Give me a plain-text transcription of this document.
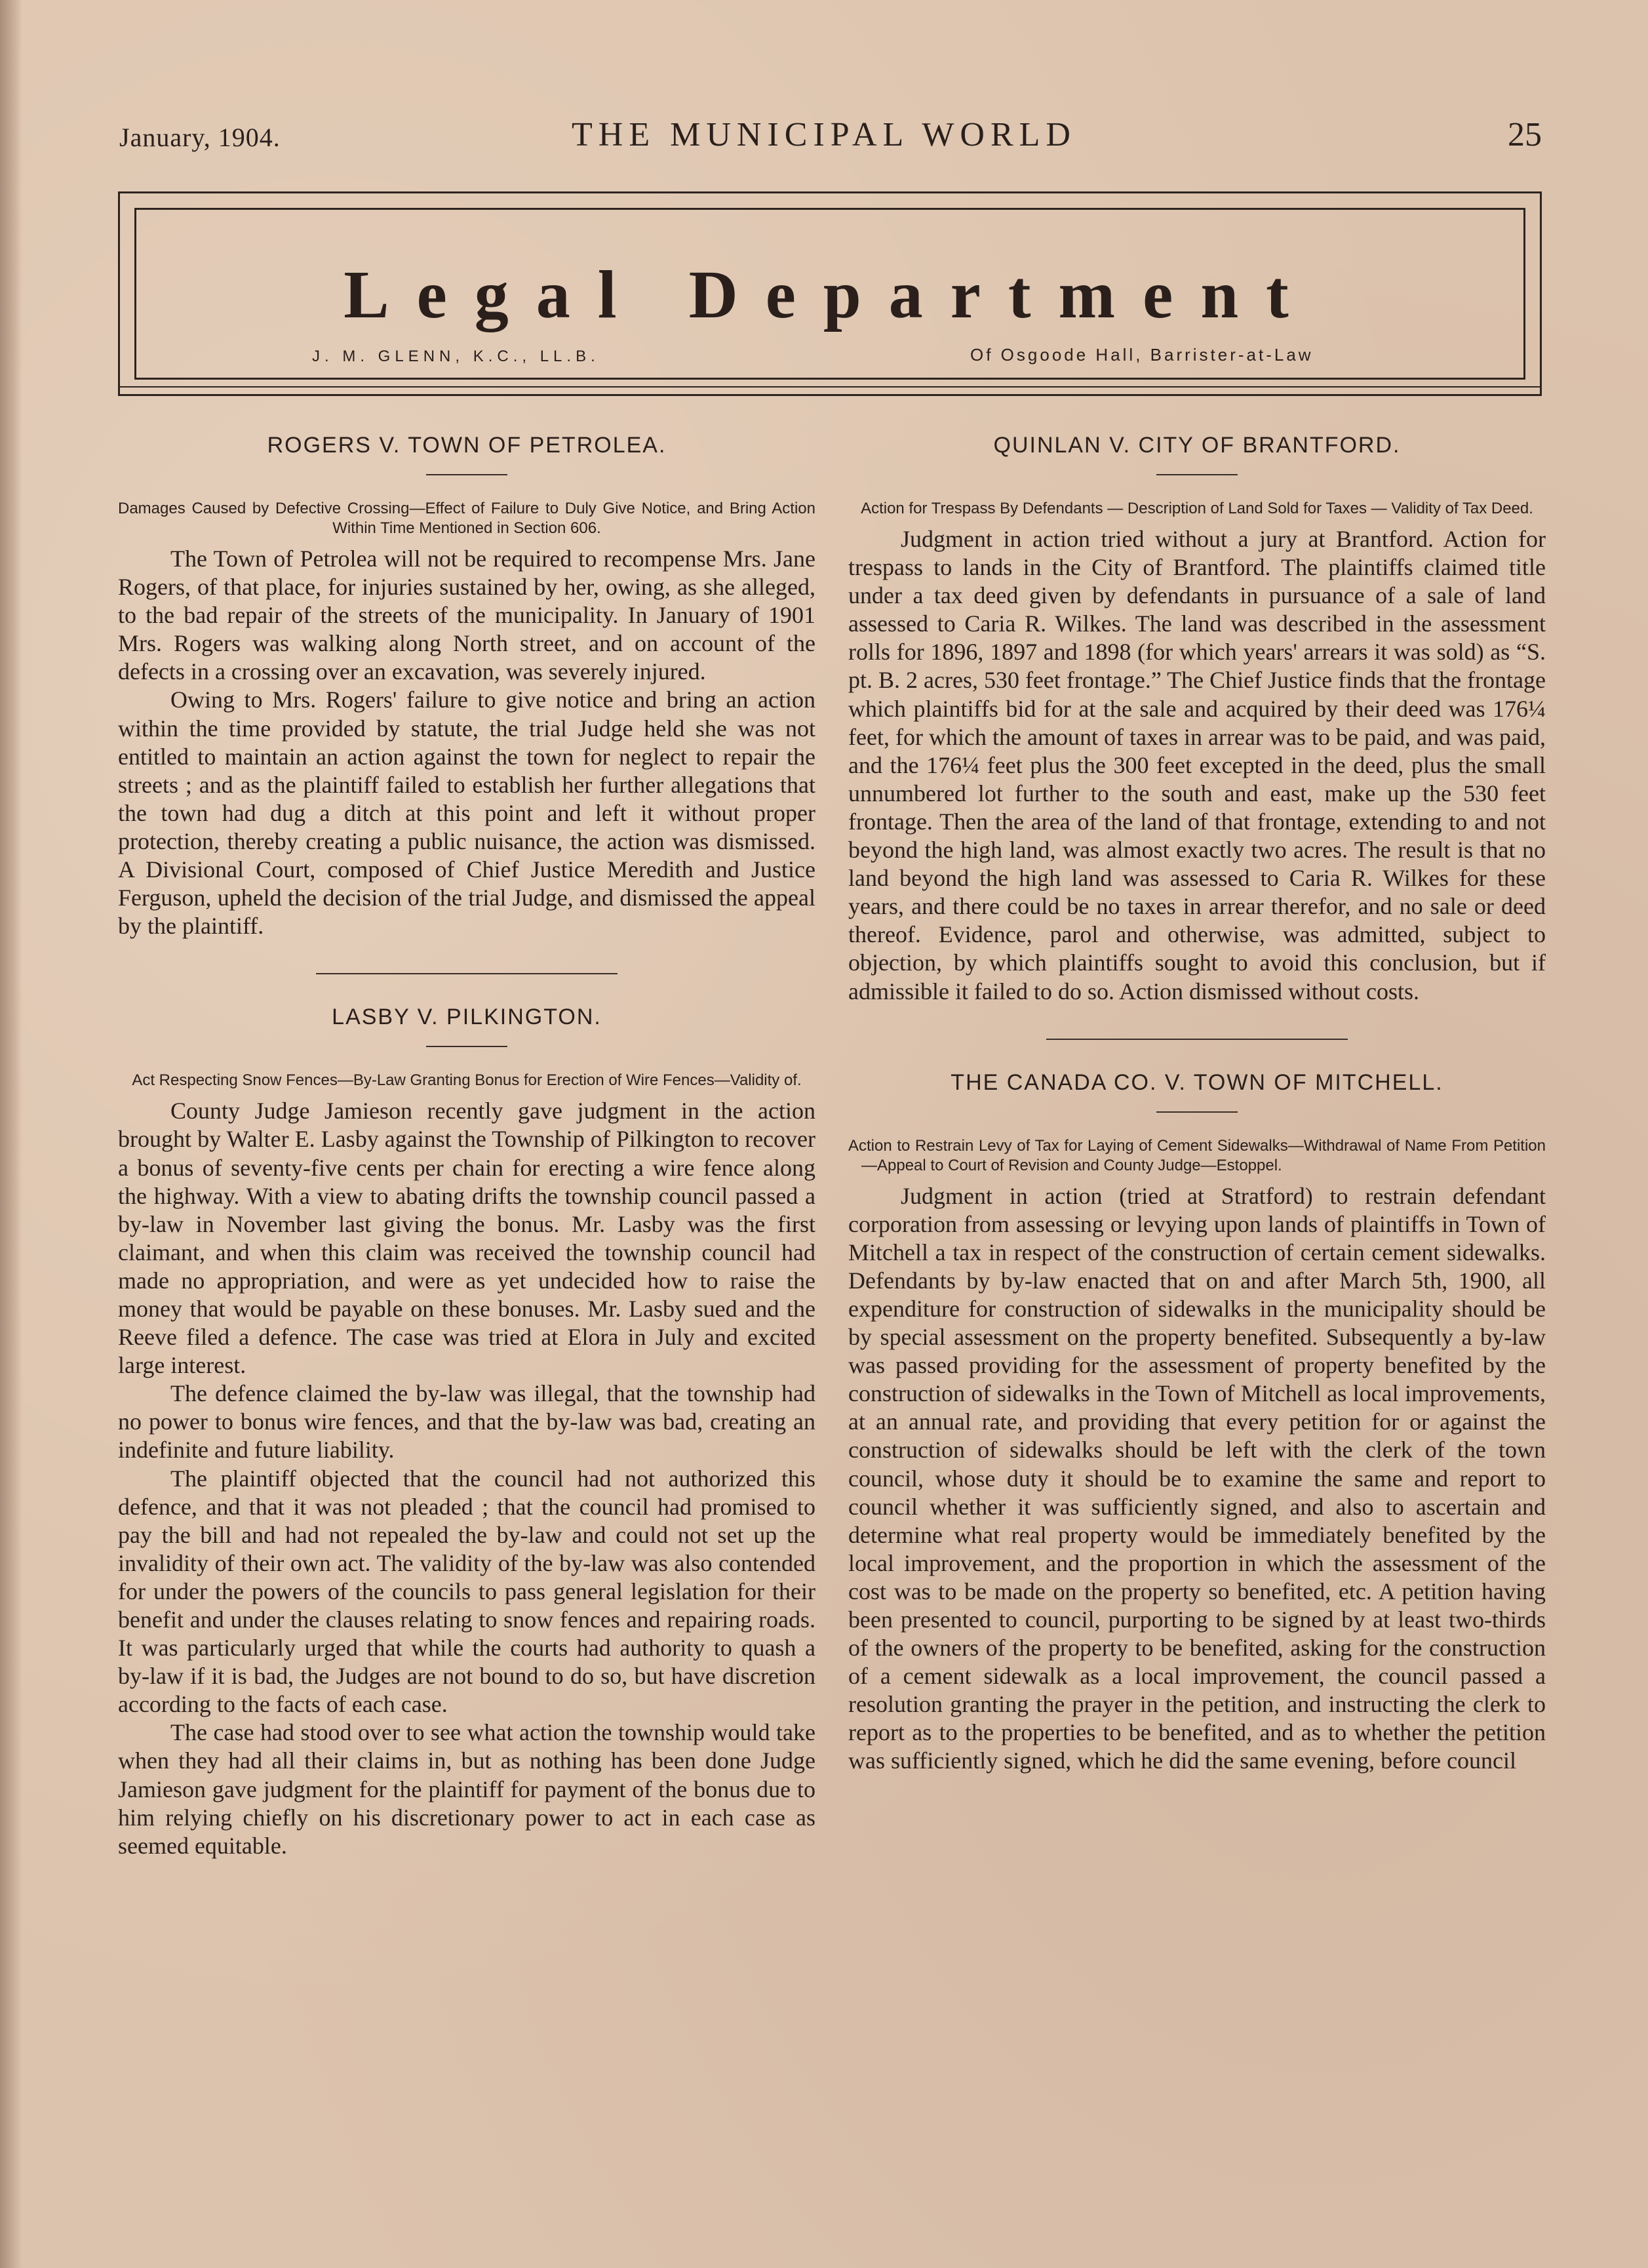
January, 1904.	THE MUNICIPAL WORLD	25
Legal Department
J. M. GLENN, K.C., LL.B.	Of Osgoode Hall, Barrister-at-Law
ROGERS V. TOWN OF PETROLEA.
Damages Caused by Defective Crossing—Effect of Failure to Duly Give Notice, and Bring Action Within Time Mentioned in Section 606.

The Town of Petrolea will not be required to recompense Mrs. Jane Rogers, of that place, for injuries sustained by her, owing, as she alleged, to the bad repair of the streets of the municipality. In January of 1901 Mrs. Rogers was walking along North street, and on account of the defects in a crossing over an excavation, was severely injured.

Owing to Mrs. Rogers' failure to give notice and bring an action within the time provided by statute, the trial Judge held she was not entitled to maintain an action against the town for neglect to repair the streets ; and as the plaintiff failed to establish her further allegations that the town had dug a ditch at this point and left it without proper protection, thereby creating a public nuisance, the action was dismissed. A Divisional Court, composed of Chief Justice Meredith and Justice Ferguson, upheld the decision of the trial Judge, and dismissed the appeal by the plaintiff.

LASBY V. PILKINGTON.
Act Respecting Snow Fences—By-Law Granting Bonus for Erection of Wire Fences—Validity of.

County Judge Jamieson recently gave judgment in the action brought by Walter E. Lasby against the Township of Pilkington to recover a bonus of seventy-five cents per chain for erecting a wire fence along the highway. With a view to abating drifts the township council passed a by-law in November last giving the bonus. Mr. Lasby was the first claimant, and when this claim was received the township council had made no appropriation, and were as yet undecided how to raise the money that would be payable on these bonuses. Mr. Lasby sued and the Reeve filed a defence. The case was tried at Elora in July and excited large interest.

The defence claimed the by-law was illegal, that the township had no power to bonus wire fences, and that the by-law was bad, creating an indefinite and future liability.

The plaintiff objected that the council had not authorized this defence, and that it was not pleaded ; that the council had promised to pay the bill and had not repealed the by-law and could not set up the invalidity of their own act. The validity of the by-law was also contended for under the powers of the councils to pass general legislation for their benefit and under the clauses relating to snow fences and repairing roads. It was particularly urged that while the courts had authority to quash a by-law if it is bad, the Judges are not bound to do so, but have discretion according to the facts of each case.

The case had stood over to see what action the township would take when they had all their claims in, but as nothing has been done Judge Jamieson gave judgment for the plaintiff for payment of the bonus due to him relying chiefly on his discretionary power to act in each case as seemed equitable.

QUINLAN V. CITY OF BRANTFORD.
Action for Trespass By Defendants — Description of Land Sold for Taxes — Validity of Tax Deed.

Judgment in action tried without a jury at Brantford. Action for trespass to lands in the City of Brantford. The plaintiffs claimed title under a tax deed given by defendants in pursuance of a sale of land assessed to Caria R. Wilkes. The land was described in the assessment rolls for 1896, 1897 and 1898 (for which years' arrears it was sold) as “S. pt. B. 2 acres, 530 feet frontage.” The Chief Justice finds that the frontage which plaintiffs bid for at the sale and acquired by their deed was 176¼ feet, for which the amount of taxes in arrear was to be paid, and was paid, and the 176¼ feet plus the 300 feet excepted in the deed, plus the small unnumbered lot further to the south and east, make up the 530 feet frontage. Then the area of the land of that frontage, extending to and not beyond the high land, was almost exactly two acres. The result is that no land beyond the high land was assessed to Caria R. Wilkes for these years, and there could be no taxes in arrear therefor, and no sale or deed thereof. Evidence, parol and otherwise, was admitted, subject to objection, by which plaintiffs sought to avoid this conclusion, but if admissible it failed to do so. Action dismissed without costs.

THE CANADA CO. V. TOWN OF MITCHELL.
Action to Restrain Levy of Tax for Laying of Cement Sidewalks—Withdrawal of Name From Petition—Appeal to Court of Revision and County Judge—Estoppel.

Judgment in action (tried at Stratford) to restrain defendant corporation from assessing or levying upon lands of plaintiffs in Town of Mitchell a tax in respect of the construction of certain cement sidewalks. Defendants by by-law enacted that on and after March 5th, 1900, all expenditure for construction of sidewalks in the municipality should be by special assessment on the property benefited. Subsequently a by-law was passed providing for the assessment of property benefited by the construction of sidewalks in the Town of Mitchell as local improvements, at an annual rate, and providing that every petition for or against the construction of sidewalks should be left with the clerk of the town council, whose duty it should be to examine the same and report to council whether it was sufficiently signed, and also to ascertain and determine what real property would be immediately benefited by the local improvement, and the proportion in which the assessment of the cost was to be made on the property so benefited, etc. A petition having been presented to council, purporting to be signed by at least two-thirds of the owners of the property to be benefited, asking for the construction of a cement sidewalk as a local improvement, the council passed a resolution granting the prayer in the petition, and instructing the clerk to report as to the properties to be benefited, and as to whether the petition was sufficiently signed, which he did the same evening, before council
